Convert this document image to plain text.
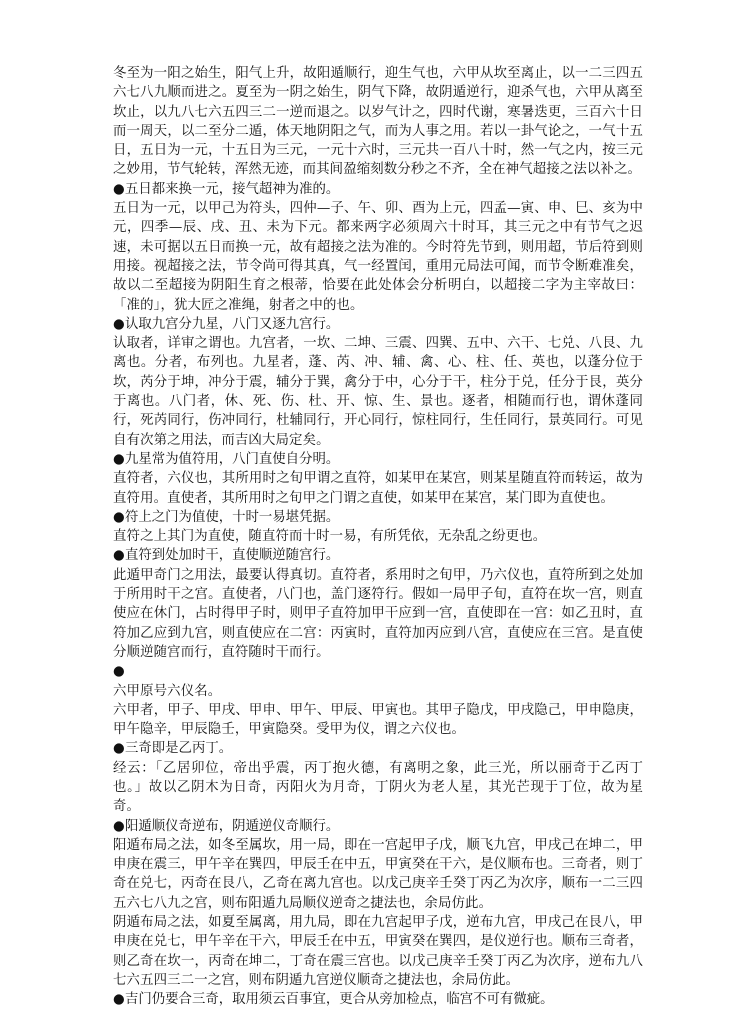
冬至为一阳之始生，阳气上升，故阳遁顺行，迎生气也，六甲从坎至离止，以一二三四五六七八九顺而进之。夏至为一阴之始生，阴气下降，故阴遁逆行，迎杀气也，六甲从离至坎止，以九八七六五四三二一逆而退之。以岁气计之，四时代谢，寒暑迭更，三百六十日而一周天，以二至分二遁，体天地阴阳之气，而为人事之用。若以一卦气论之，一气十五日，五日为一元，十五日为三元，一元十六时，三元共一百八十时，然一气之内，按三元之妙用，节气轮转，浑然无迹，而其间盈缩刻数分秒之不齐，全在神气超接之法以补之。

●五日都来换一元，接气超神为准的。

五日为一元，以甲己为符头，四仲—子、午、卯、酉为上元，四孟—寅、申、巳、亥为中元，四季—辰、戌、丑、未为下元。都来两字必须周六十时耳，其三元之中有节气之迟速，未可据以五日而换一元，故有超接之法为准的。今时符先节到，则用超，节后符到则用接。视超接之法，节令尚可得其真，气一经置闰，重用元局法可闻，而节令断难准矣，故以二至超接为阴阳生育之根蒂，恰要在此处体会分析明白，以超接二字为主宰故曰：「准的」，犹大匠之准绳，射者之中的也。

●认取九宫分九星，八门又逐九宫行。

认取者，详审之谓也。九宫者，一坎、二坤、三震、四巽、五中、六干、七兑、八艮、九离也。分者，布列也。九星者，蓬、芮、冲、辅、禽、心、柱、任、英也，以蓬分位于坎，芮分于坤，冲分于震，辅分于巽，禽分于中，心分于干，柱分于兑，任分于艮，英分于离也。八门者，休、死、伤、杜、开、惊、生、景也。逐者，相随而行也，谓休蓬同行，死芮同行，伤冲同行，杜辅同行，开心同行，惊柱同行，生任同行，景英同行。可见自有次第之用法，而吉凶大局定矣。

●九星常为值符用，八门直使自分明。

直符者，六仪也，其所用时之旬甲谓之直符，如某甲在某宫，则某星随直符而转运，故为直符用。直使者，其所用时之旬甲之门谓之直使，如某甲在某宫，某门即为直使也。

●符上之门为值使，十时一易堪凭据。

直符之上其门为直使，随直符而十时一易，有所凭依，无杂乱之纷更也。

●直符到处加时干，直使顺逆随宫行。

此遁甲奇门之用法，最要认得真切。直符者，系用时之旬甲，乃六仪也，直符所到之处加于所用时干之宫。直使者，八门也，盖门逐符行。假如一局甲子旬，直符在坎一宫，则直使应在休门，占时得甲子时，则甲子直符加甲干应到一宫，直使即在一宫：如乙丑时，直符加乙应到九宫，则直使应在二宫：丙寅时，直符加丙应到八宫，直使应在三宫。是直使分顺逆随宫而行，直符随时干而行。

●

六甲原号六仪名。

六甲者，甲子、甲戌、甲申、甲午、甲辰、甲寅也。其甲子隐戊，甲戌隐己，甲申隐庚，甲午隐辛，甲辰隐壬，甲寅隐癸。受甲为仪，谓之六仪也。

●三奇即是乙丙丁。

经云：「乙居卯位，帝出乎震，丙丁抱火德，有离明之象，此三光，所以丽奇于乙丙丁也。」故以乙阴木为日奇，丙阳火为月奇，丁阴火为老人星，其光芒现于丁位，故为星奇。

●阳遁顺仪奇逆布，阴遁逆仪奇顺行。

阳遁布局之法，如冬至属坎，用一局，即在一宫起甲子戊，顺飞九宫，甲戌己在坤二，甲申庚在震三，甲午辛在巽四，甲辰壬在中五，甲寅癸在干六，是仪顺布也。三奇者，则丁奇在兑七，丙奇在艮八，乙奇在离九宫也。以戊己庚辛壬癸丁丙乙为次序，顺布一二三四五六七八九之宫，则布阳遁九局顺仪逆奇之捷法也，余局仿此。

阴遁布局之法，如夏至属离，用九局，即在九宫起甲子戊，逆布九宫，甲戌己在艮八，甲申庚在兑七，甲午辛在干六，甲辰壬在中五，甲寅癸在巽四，是仪逆行也。顺布三奇者，则乙奇在坎一，丙奇在坤二，丁奇在震三宫也。以戊己庚辛壬癸丁丙乙为次序，逆布九八七六五四三二一之宫，则布阴遁九宫逆仪顺奇之捷法也，余局仿此。

●吉门仍要合三奇，取用须云百事宜，更合从旁加检点，临宫不可有微疵。
